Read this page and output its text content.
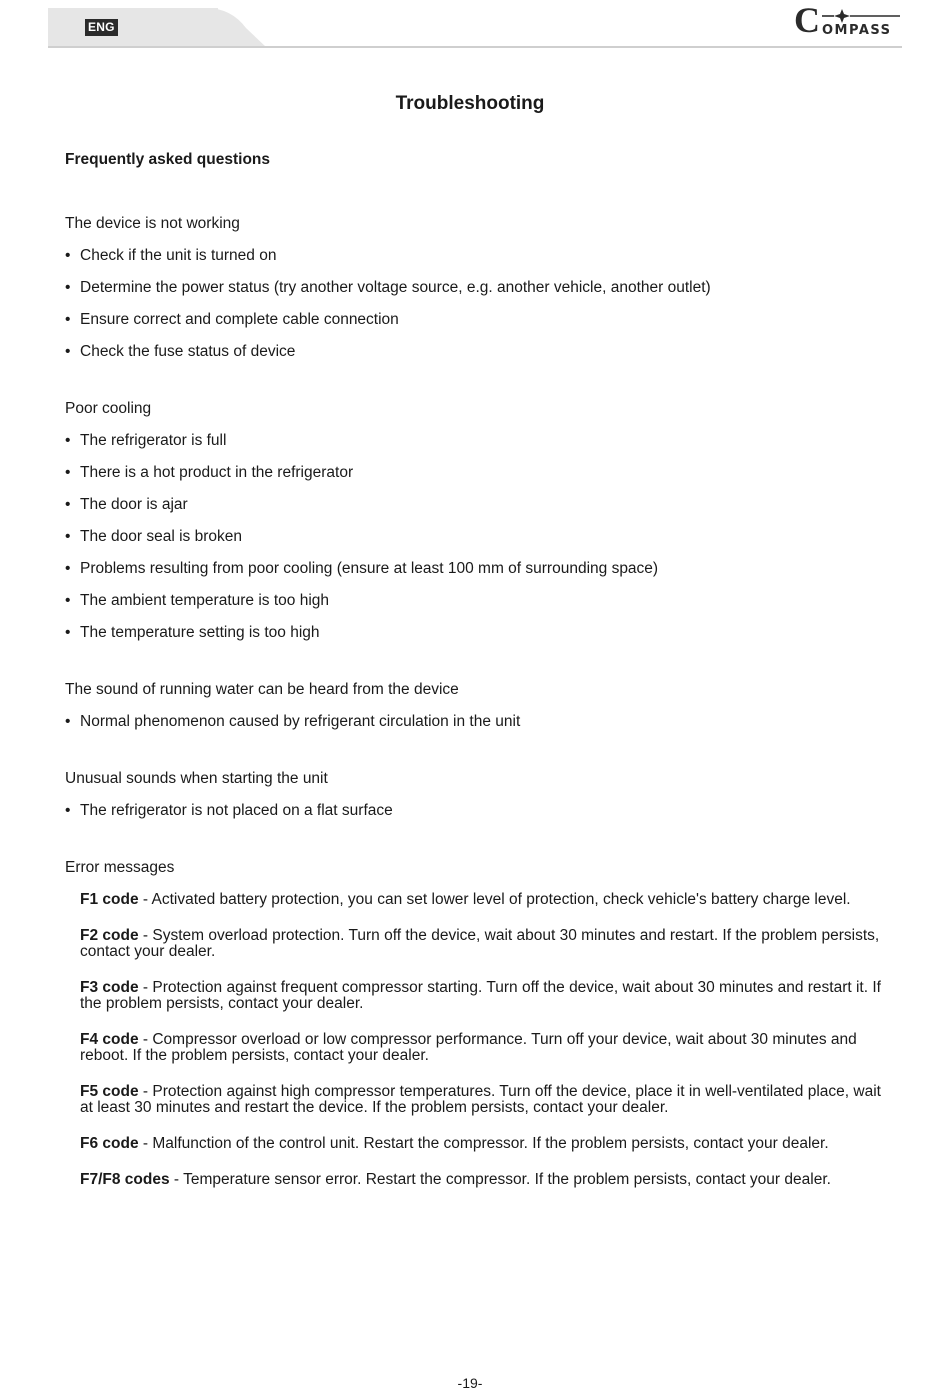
ENG	C OMPASS
Troubleshooting
Frequently asked questions
The device is not working
• Check if the unit is turned on
• Determine the power status (try another voltage source, e.g. another vehicle, another outlet)
• Ensure correct and complete cable connection
• Check the fuse status of device
Poor cooling
• The refrigerator is full
• There is a hot product in the refrigerator
• The door is ajar
• The door seal is broken
• Problems resulting from poor cooling (ensure at least 100 mm of surrounding space)
• The ambient temperature is too high
• The temperature setting is too high
The sound of running water can be heard from the device
• Normal phenomenon caused by refrigerant circulation in the unit
Unusual sounds when starting the unit
• The refrigerator is not placed on a flat surface
Error messages
F1 code - Activated battery protection, you can set lower level of protection, check vehicle's battery charge level.
F2 code - System overload protection. Turn off the device, wait about 30 minutes and restart. If the problem persists, contact your dealer.
F3 code - Protection against frequent compressor starting. Turn off the device, wait about 30 minutes and restart it. If the problem persists, contact your dealer.
F4 code - Compressor overload or low compressor performance. Turn off your device, wait about 30 minutes and reboot. If the problem persists, contact your dealer.
F5 code - Protection against high compressor temperatures. Turn off the device, place it in well-ventilated place, wait at least 30 minutes and restart the device. If the problem persists, contact your dealer.
F6 code - Malfunction of the control unit. Restart the compressor. If the problem persists, contact your dealer.
F7/F8 codes - Temperature sensor error. Restart the compressor. If the problem persists, contact your dealer.
-19-
